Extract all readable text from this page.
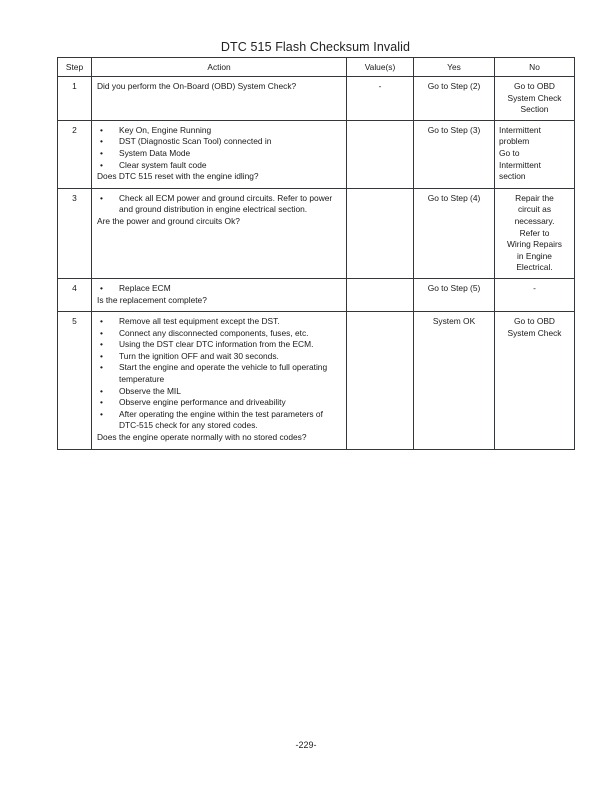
DTC 515 Flash Checksum Invalid
Step	Action	Value(s)	Yes	No
1	Did you perform the On-Board (OBD) System Check?	-	Go to Step (2)	Go to OBD
System Check
Section

2	• Key On, Engine Running
• DST (Diagnostic Scan Tool) connected in
• System Data Mode
• Clear system fault code
Does DTC 515 reset with the engine idling?
		Go to Step (3)	Intermittent
problem
Go to
Intermittent
section

3	• Check all ECM power and ground circuits. Refer to power and ground distribution in engine electrical section.
Are the power and ground circuits Ok?
		Go to Step (4)	Repair the
circuit as
necessary.
Refer to
Wiring Repairs
in Engine
Electrical.

4	• Replace ECM
Is the replacement complete?
		Go to Step (5)	-

5	• Remove all test equipment except the DST.
• Connect any disconnected components, fuses, etc.
• Using the DST clear DTC information from the ECM.
• Turn the ignition OFF and wait 30 seconds.
• Start the engine and operate the vehicle to full operating temperature
• Observe the MIL
• Observe engine performance and driveability
• After operating the engine within the test parameters of DTC-515 check for any stored codes.
Does the engine operate normally with no stored codes?
		System OK	Go to OBD
System Check
-229-
